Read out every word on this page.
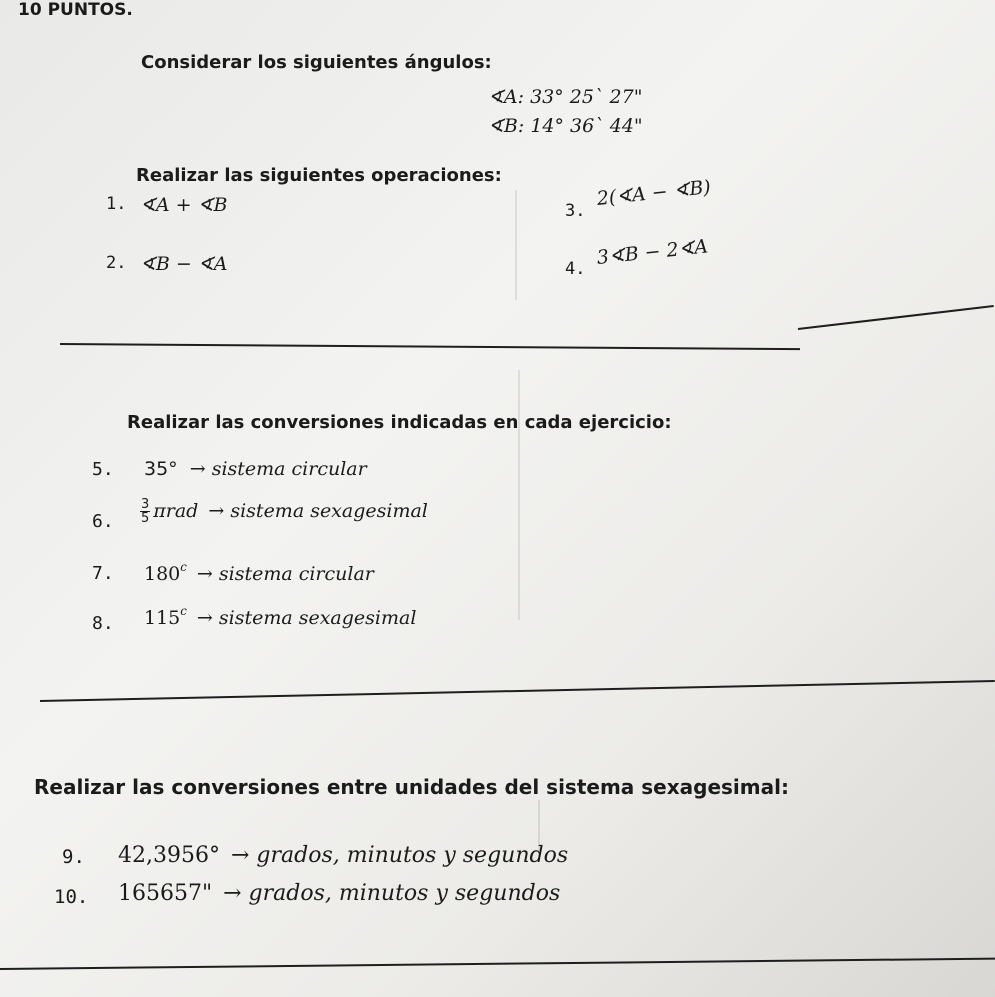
10 PUNTOS.
Considerar los siguientes ángulos:
∢A: 33° 25` 27"
∢B: 14° 36` 44"
Realizar las siguientes operaciones:
1. ∢A + ∢B
2. ∢B − ∢A
3.
2(∢A − ∢B)
4. 3∢B − 2∢A
Realizar las conversiones indicadas en cada ejercicio:
5. 35° → sistema circular
6. $\frac{3}{5}$ πrad → sistema sexagesimal
7. $180^c$ → sistema circular
8. $115^c$ → sistema sexagesimal
Realizar las conversiones entre unidades del sistema sexagesimal:
9. 42,3956° → grados, minutos y segundos
10. 165657" → grados, minutos y segundos
